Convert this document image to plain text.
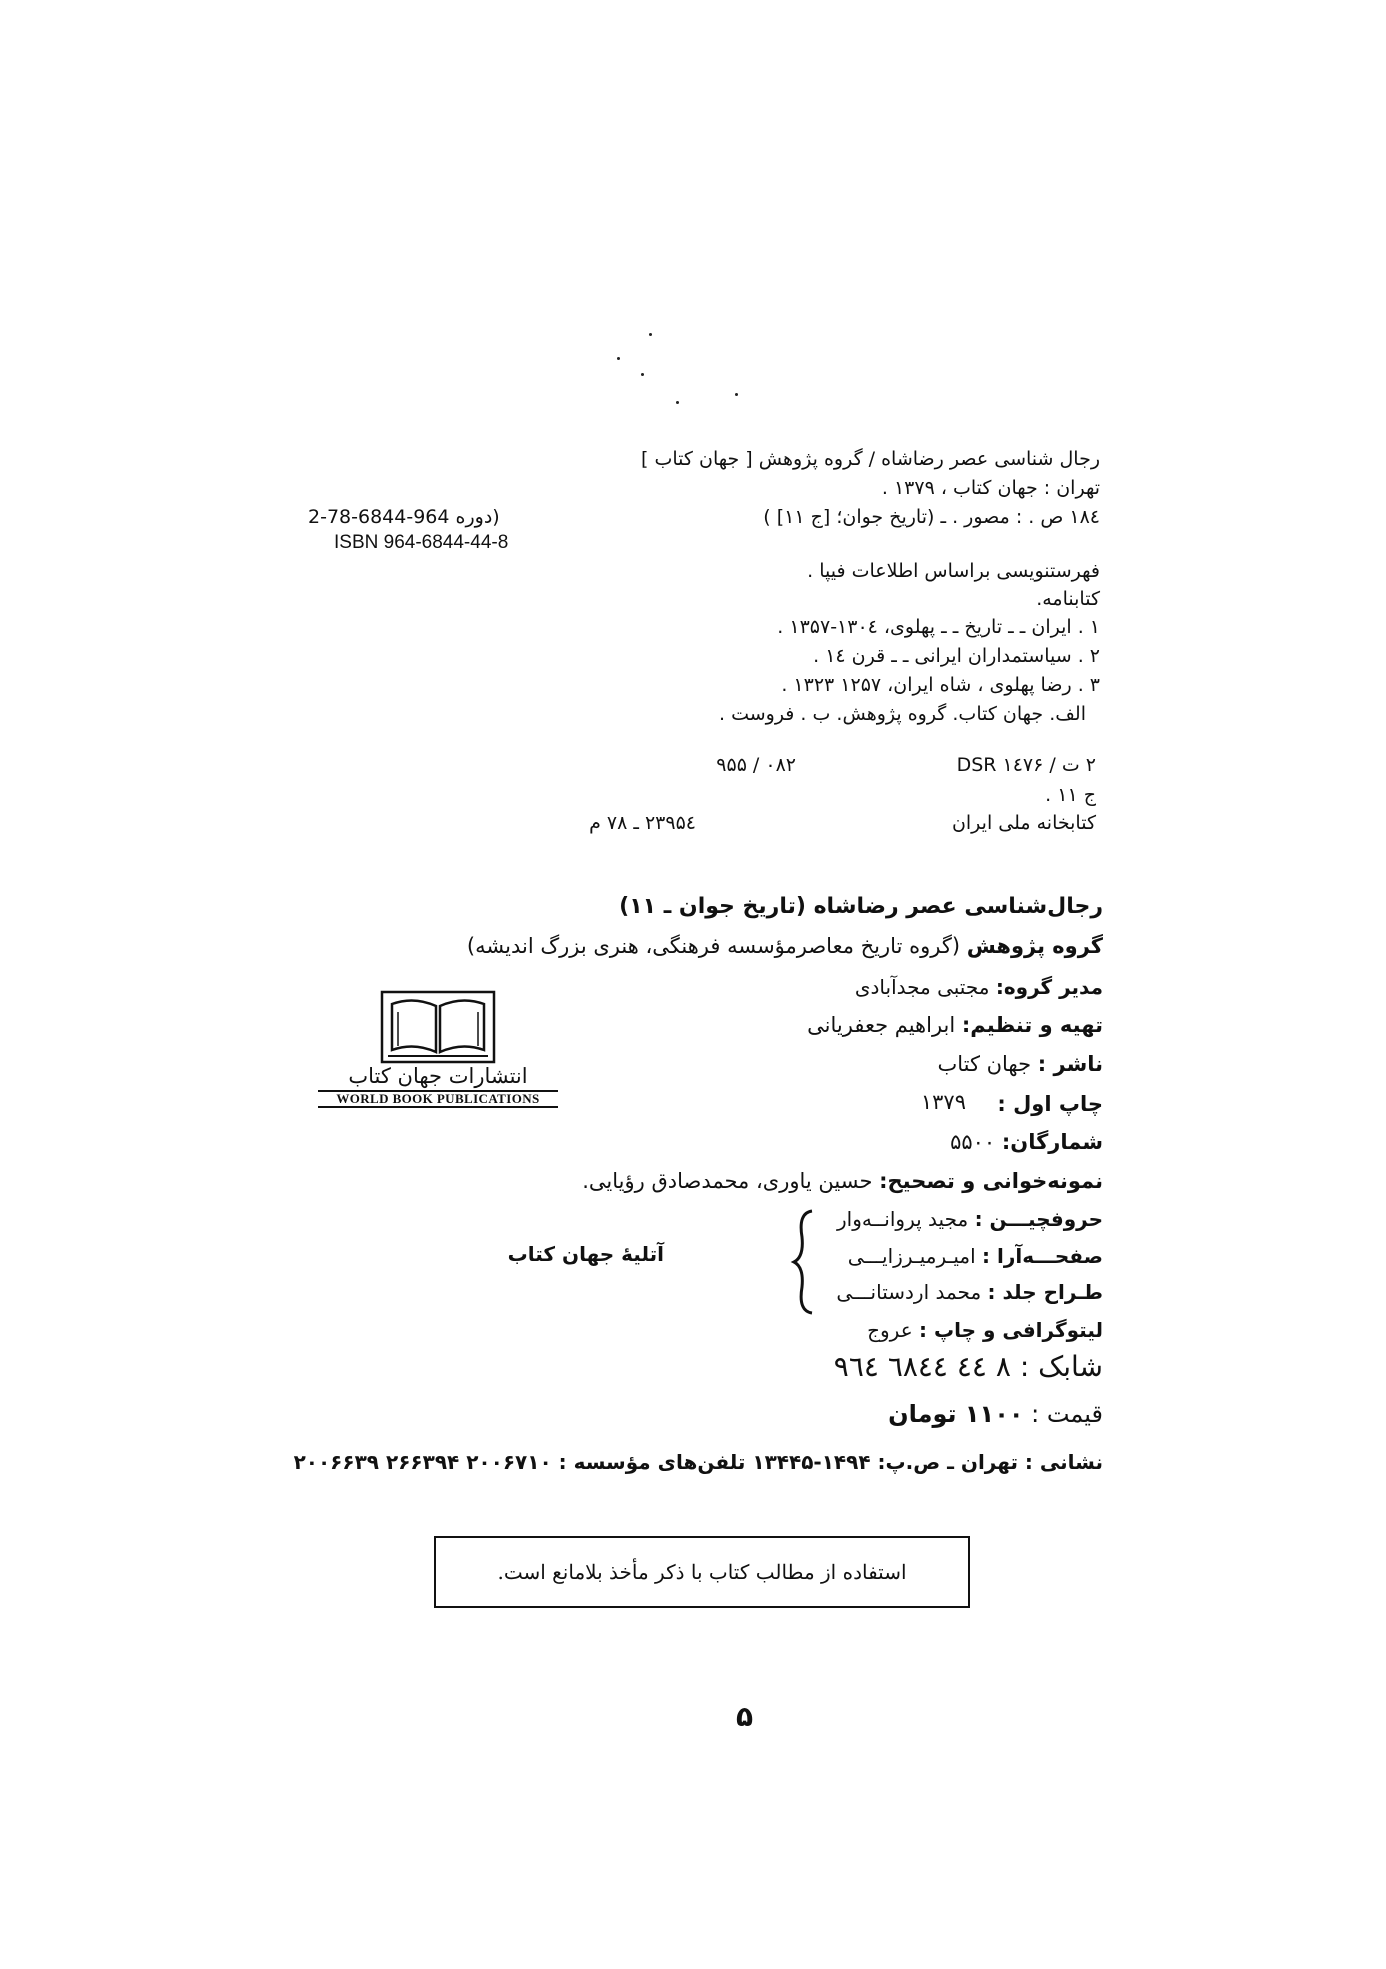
رجال شناسی عصر رضاشاه / گروه پژوهش [ جهان کتاب ]
تهران : جهان کتاب ، ۱۳۷۹ .
۱۸٤ ص . : مصور . ـ (تاریخ جوان؛ [ج ۱۱] )
(دوره 964-6844-78-2
ISBN 964-6844-44-8
فهرستنویسی براساس اطلاعات فیپا .
کتابنامه.
۱ . ایران ـ ـ تاریخ ـ ـ پهلوی، ۱۳۰٤-۱۳۵۷ .
۲ . سیاستمداران ایرانی ـ ـ قرن ۱٤ .
۳ . رضا پهلوی ، شاه ایران، ۱۲۵۷ ۱۳۲۳ .
الف. جهان کتاب. گروه پژوهش. ب . فروست .
۲ ت / DSR ۱٤۷۶
۹۵۵ / ۰۸۲
ج ۱۱ .
کتابخانه ملی ایران
۲۳۹۵٤ ـ ۷۸ م
انتشارات جهان کتاب
WORLD BOOK PUBLICATIONS
رجال‌شناسی عصر رضاشاه (تاریخ جوان ـ ۱۱)
گروه پژوهش (گروه تاریخ معاصرمؤسسه فرهنگی، هنری بزرگ اندیشه)
مدیر گروه: مجتبی مجدآبادی
تهیه و تنظیم: ابراهیم جعفریانی
ناشر : جهان کتاب
چاپ اول :
۱۳۷۹
شمارگان: ۵۵۰۰
نمونه‌خوانی و تصحیح: حسین یاوری، محمدصادق رؤیایی.
حروفچیـــن : مجید پروانــه‌وار
صفحـــه‌آرا : امیـرمیـرزایـــی
طـراح جلد : محمد اردستانـــی
آتلیهٔ جهان کتاب
لیتوگرافی و چاپ : عروج
شابک : ۸ ٤٤ ٦٨٤٤ ٩٦٤
قیمت : ۱۱۰۰ تومان
نشانی : تهران ـ ص.پ: ۱۴۹۴-۱۳۴۴۵ تلفن‌های مؤسسه : ۲۰۰۶۷۱۰ ۲۶۶۳۹۴ ۲۰۰۶۶۳۹
استفاده از مطالب کتاب با ذکر مأخذ بلامانع است.
۵
